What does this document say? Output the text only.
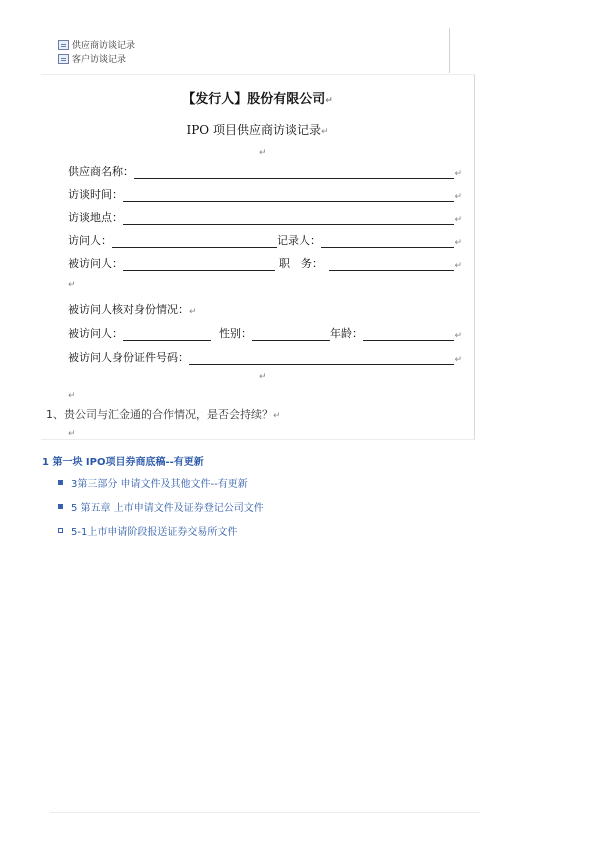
供应商访谈记录
客户访谈记录
【发行人】股份有限公司↵
IPO 项目供应商访谈记录↵
↵
供应商名称：	↵
访谈时间：	↵
访谈地点：	↵
访问人：	记录人：	↵
被访问人：	职　务：	↵
↵
被访问人核对身份情况： ↵
被访问人：	性别：	年龄：	↵
被访问人身份证件号码：	↵
↵
↵
1、贵公司与汇金通的合作情况，是否会持续？↵
↵
1 第一块 IPO项目券商底稿--有更新
3第三部分 申请文件及其他文件--有更新
5 第五章 上市申请文件及证券登记公司文件
5-1上市申请阶段报送证券交易所文件
